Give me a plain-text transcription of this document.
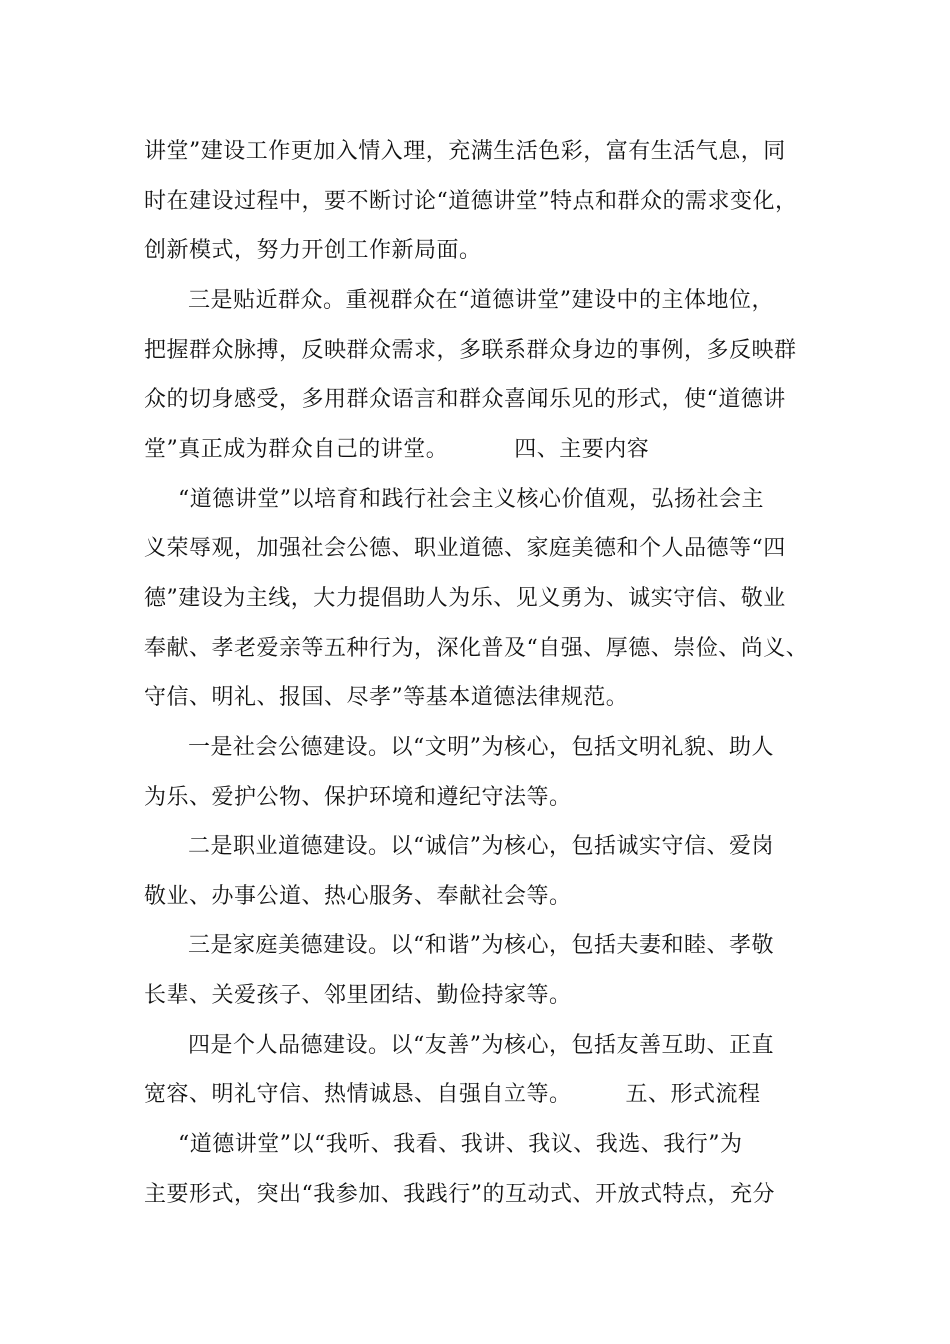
讲堂”建设工作更加入情入理，充满生活色彩，富有生活气息，同
时在建设过程中，要不断讨论“道德讲堂”特点和群众的需求变化，
创新模式，努力开创工作新局面。
三是贴近群众。重视群众在“道德讲堂”建设中的主体地位，
把握群众脉搏，反映群众需求，多联系群众身边的事例，多反映群
众的切身感受，多用群众语言和群众喜闻乐见的形式，使“道德讲
堂”真正成为群众自己的讲堂。	四、主要内容
“道德讲堂”以培育和践行社会主义核心价值观，弘扬社会主
义荣辱观，加强社会公德、职业道德、家庭美德和个人品德等“四
德”建设为主线，大力提倡助人为乐、见义勇为、诚实守信、敬业
奉献、孝老爱亲等五种行为，深化普及“自强、厚德、崇俭、尚义、
守信、明礼、报国、尽孝”等基本道德法律规范。
一是社会公德建设。以“文明”为核心，包括文明礼貌、助人
为乐、爱护公物、保护环境和遵纪守法等。
二是职业道德建设。以“诚信”为核心，包括诚实守信、爱岗
敬业、办事公道、热心服务、奉献社会等。
三是家庭美德建设。以“和谐”为核心，包括夫妻和睦、孝敬
长辈、关爱孩子、邻里团结、勤俭持家等。
四是个人品德建设。以“友善”为核心，包括友善互助、正直
宽容、明礼守信、热情诚恳、自强自立等。 五、形式流程
“道德讲堂”以“我听、我看、我讲、我议、我选、我行”为
主要形式，突出“我参加、我践行”的互动式、开放式特点，充分
